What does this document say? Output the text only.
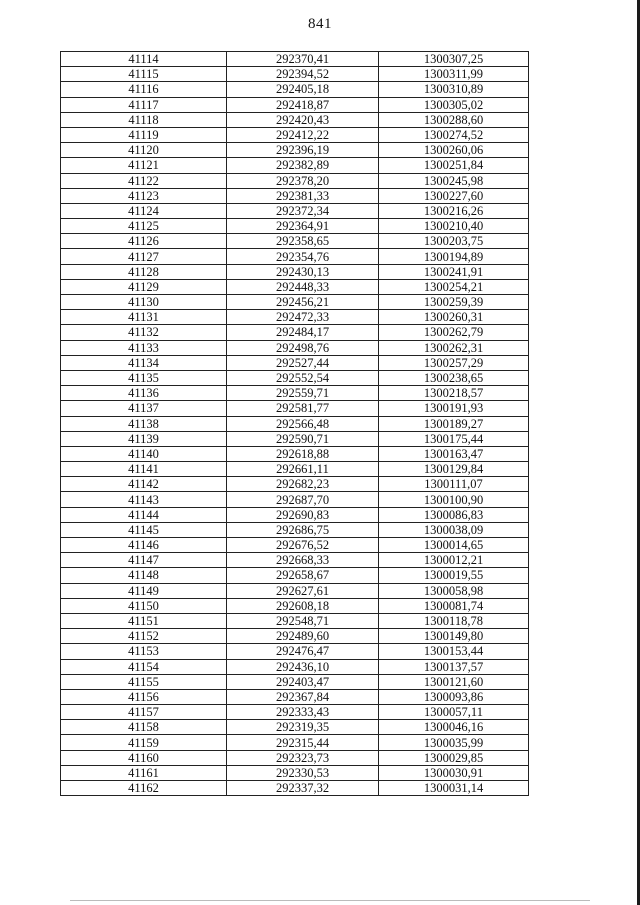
841
41114	292370,41	1300307,25
41115	292394,52	1300311,99
41116	292405,18	1300310,89
41117	292418,87	1300305,02
41118	292420,43	1300288,60
41119	292412,22	1300274,52
41120	292396,19	1300260,06
41121	292382,89	1300251,84
41122	292378,20	1300245,98
41123	292381,33	1300227,60
41124	292372,34	1300216,26
41125	292364,91	1300210,40
41126	292358,65	1300203,75
41127	292354,76	1300194,89
41128	292430,13	1300241,91
41129	292448,33	1300254,21
41130	292456,21	1300259,39
41131	292472,33	1300260,31
41132	292484,17	1300262,79
41133	292498,76	1300262,31
41134	292527,44	1300257,29
41135	292552,54	1300238,65
41136	292559,71	1300218,57
41137	292581,77	1300191,93
41138	292566,48	1300189,27
41139	292590,71	1300175,44
41140	292618,88	1300163,47
41141	292661,11	1300129,84
41142	292682,23	1300111,07
41143	292687,70	1300100,90
41144	292690,83	1300086,83
41145	292686,75	1300038,09
41146	292676,52	1300014,65
41147	292668,33	1300012,21
41148	292658,67	1300019,55
41149	292627,61	1300058,98
41150	292608,18	1300081,74
41151	292548,71	1300118,78
41152	292489,60	1300149,80
41153	292476,47	1300153,44
41154	292436,10	1300137,57
41155	292403,47	1300121,60
41156	292367,84	1300093,86
41157	292333,43	1300057,11
41158	292319,35	1300046,16
41159	292315,44	1300035,99
41160	292323,73	1300029,85
41161	292330,53	1300030,91
41162	292337,32	1300031,14
